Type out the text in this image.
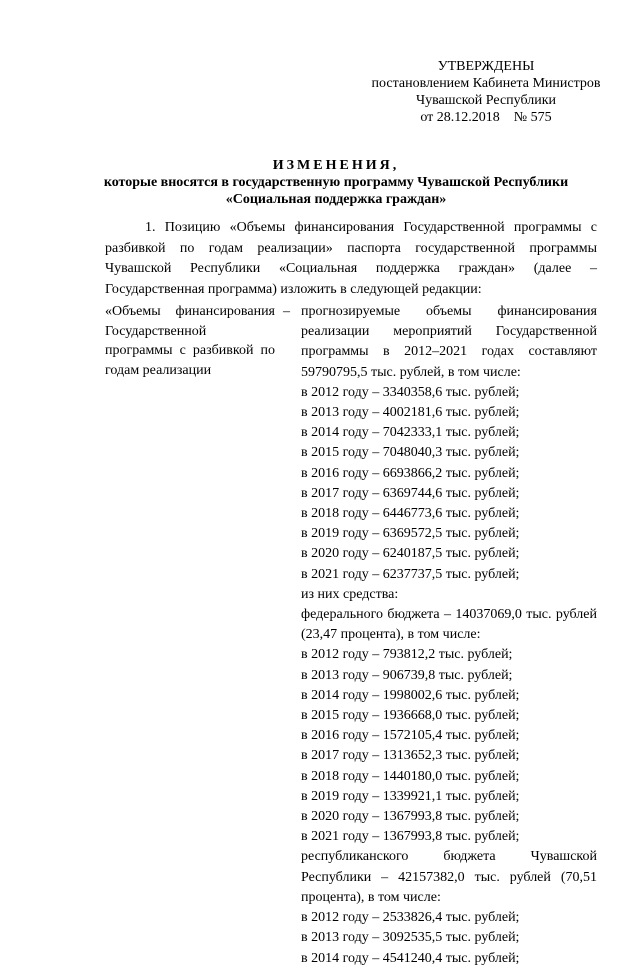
УТВЕРЖДЕНЫ
постановлением Кабинета Министров
Чувашской Республики
от 28.12.2018    № 575
ИЗМЕНЕНИЯ,
которые вносятся в государственную программу Чувашской Республики
«Социальная поддержка граждан»
1. Позицию «Объемы финансирования Государственной программы с разбивкой по годам реализации» паспорта государственной программы Чувашской Республики «Социальная поддержка граждан» (далее – Государственная программа) изложить в следующей редакции:
«Объемы финансирования Государственной программы с разбивкой по годам реализации
– прогнозируемые объемы финансирования реализации мероприятий Государственной программы в 2012–2021 годах составляют 59790795,5 тыс. рублей, в том числе:
в 2012 году – 3340358,6 тыс. рублей;
в 2013 году – 4002181,6 тыс. рублей;
в 2014 году – 7042333,1 тыс. рублей;
в 2015 году – 7048040,3 тыс. рублей;
в 2016 году – 6693866,2 тыс. рублей;
в 2017 году – 6369744,6 тыс. рублей;
в 2018 году – 6446773,6 тыс. рублей;
в 2019 году – 6369572,5 тыс. рублей;
в 2020 году – 6240187,5 тыс. рублей;
в 2021 году – 6237737,5 тыс. рублей;
из них средства:
федерального бюджета – 14037069,0 тыс. рублей (23,47 процента), в том числе:
в 2012 году – 793812,2 тыс. рублей;
в 2013 году – 906739,8 тыс. рублей;
в 2014 году – 1998002,6 тыс. рублей;
в 2015 году – 1936668,0 тыс. рублей;
в 2016 году – 1572105,4 тыс. рублей;
в 2017 году – 1313652,3 тыс. рублей;
в 2018 году – 1440180,0 тыс. рублей;
в 2019 году – 1339921,1 тыс. рублей;
в 2020 году – 1367993,8 тыс. рублей;
в 2021 году – 1367993,8 тыс. рублей;
республиканского бюджета Чувашской Республики – 42157382,0 тыс. рублей (70,51 процента), в том числе:
в 2012 году – 2533826,4 тыс. рублей;
в 2013 году – 3092535,5 тыс. рублей;
в 2014 году – 4541240,4 тыс. рублей;
